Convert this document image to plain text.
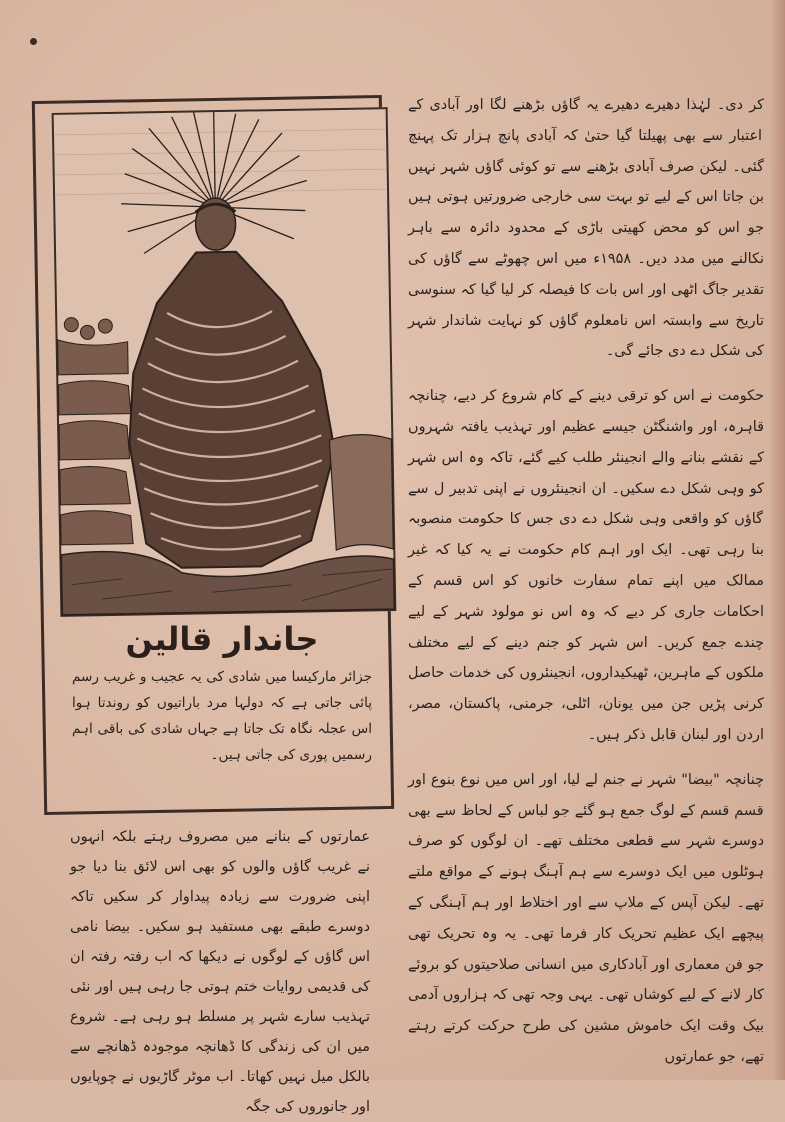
جاندار قالین
جزائر مارکیسا میں شادی کی یہ عجیب و غریب رسم پائی جاتی ہے کہ دولہا مرد باراتیوں کو روندتا ہوا اس عجلہ نگاہ تک جاتا ہے جہاں شادی کی باقی اہم رسمیں پوری کی جاتی ہیں۔

کر دی۔ لہٰذا دھیرے دھیرے یہ گاؤں بڑھنے لگا اور آبادی کے اعتبار سے بھی پھیلتا گیا حتیٰ کہ آبادی پانچ ہزار تک پہنچ گئی۔ لیکن صرف آبادی بڑھنے سے تو کوئی گاؤں شہر نہیں بن جاتا اس کے لیے تو بہت سی خارجی ضرورتیں ہوتی ہیں جو اس کو محض کھیتی باڑی کے محدود دائرہ سے باہر نکالنے میں مدد دیں۔ ۱۹۵۸ء میں اس چھوٹے سے گاؤں کی تقدیر جاگ اٹھی اور اس بات کا فیصلہ کر لیا گیا کہ سنوسی تاریخ سے وابستہ اس نامعلوم گاؤں کو نہایت شاندار شہر کی شکل دے دی جائے گی۔

حکومت نے اس کو ترقی دینے کے کام شروع کر دیے، چنانچہ قاہرہ، اور واشنگٹن جیسے عظیم اور تہذیب یافتہ شہروں کے نقشے بنانے والے انجینئر طلب کیے گئے، تاکہ وہ اس شہر کو وہی شکل دے سکیں۔ ان انجینئروں نے اپنی تدبیر ل سے گاؤں کو واقعی وہی شکل دے دی جس کا حکومت منصوبہ بنا رہی تھی۔ ایک اور اہم کام حکومت نے یہ کیا کہ غیر ممالک میں اپنے تمام سفارت خانوں کو اس قسم کے احکامات جاری کر دیے کہ وہ اس نو مولود شہر کے لیے چندے جمع کریں۔ اس شہر کو جنم دینے کے لیے مختلف ملکوں کے ماہرین، ٹھیکیداروں، انجینئروں کی خدمات حاصل کرنی پڑیں جن میں یونان، اٹلی، جرمنی، پاکستان، مصر، اردن اور لبنان قابل ذکر ہیں۔

چنانچہ "بیضا" شہر نے جنم لے لیا، اور اس میں نوع بنوع اور قسم قسم کے لوگ جمع ہو گئے جو لباس کے لحاظ سے بھی دوسرے شہر سے قطعی مختلف تھے۔ ان لوگوں کو صرف ہوٹلوں میں ایک دوسرے سے ہم آہنگ ہونے کے مواقع ملتے تھے۔ لیکن آپس کے ملاپ سے اور اختلاط اور ہم آہنگی کے پیچھے ایک عظیم تحریک کار فرما تھی۔ یہ وہ تحریک تھی جو فن معماری اور آبادکاری میں انسانی صلاحیتوں کو بروئے کار لانے کے لیے کوشاں تھی۔ یہی وجہ تھی کہ ہزاروں آدمی بیک وقت ایک خاموش مشین کی طرح حرکت کرتے رہتے تھے، جو عمارتوں

عمارتوں کے بنانے میں مصروف رہتے بلکہ انہوں نے غریب گاؤں والوں کو بھی اس لائق بنا دیا جو اپنی ضرورت سے زیادہ پیداوار کر سکیں تاکہ دوسرے طبقے بھی مستفید ہو سکیں۔ بیضا نامی اس گاؤں کے لوگوں نے دیکھا کہ اب رفتہ رفتہ ان کی قدیمی روایات ختم ہوتی جا رہی ہیں اور نئی تہذیب سارے شہر پر مسلط ہو رہی ہے۔ شروع میں ان کی زندگی کا ڈھانچہ موجودہ ڈھانچے سے بالکل میل نہیں کھاتا۔ اب موٹر گاڑیوں نے چوپایوں اور جانوروں کی جگہ
